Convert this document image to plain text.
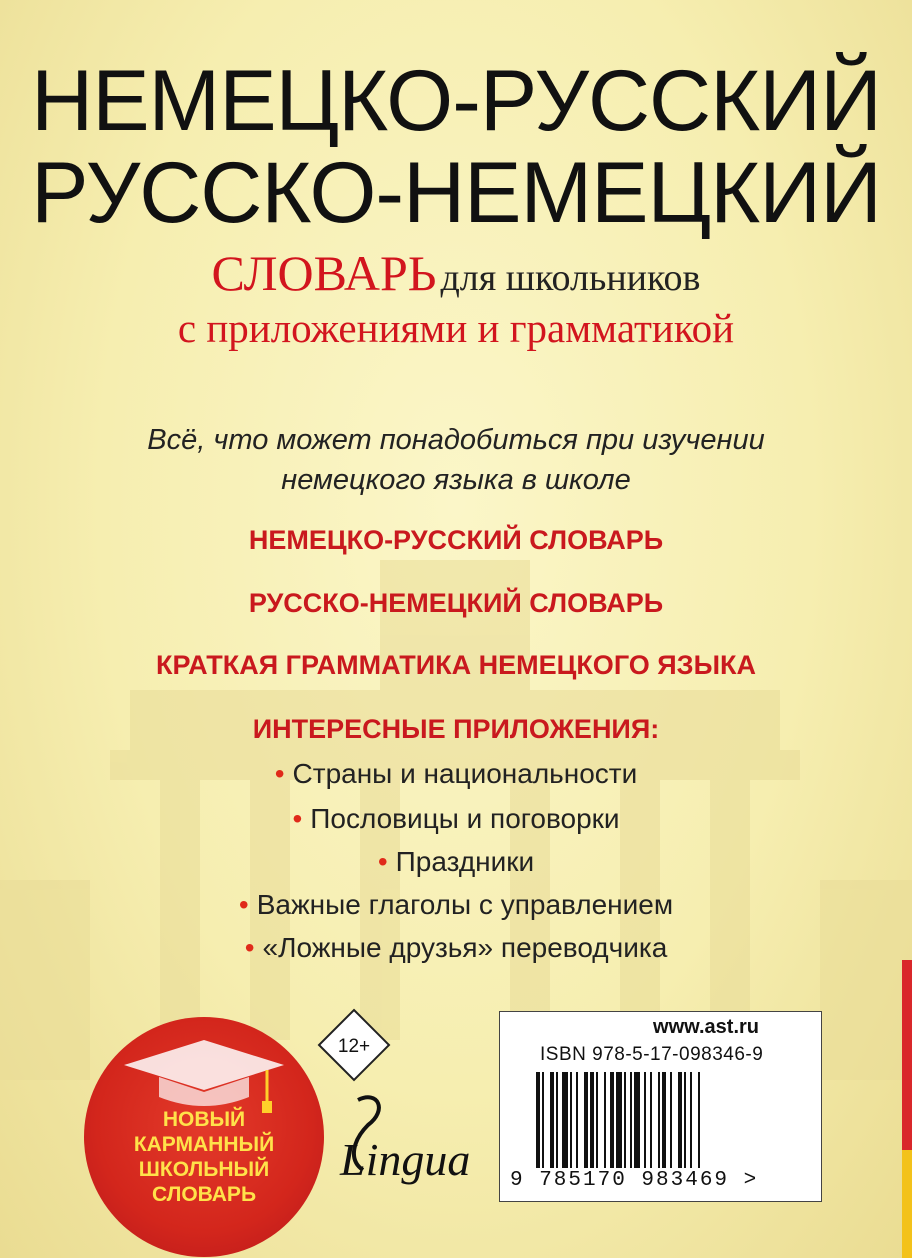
НЕМЕЦКО-РУССКИЙ
РУССКО-НЕМЕЦКИЙ
СЛОВАРЬ для школьников
с приложениями и грамматикой
Всё, что может понадобиться при изучении
немецкого языка в школе
НЕМЕЦКО-РУССКИЙ СЛОВАРЬ
РУССКО-НЕМЕЦКИЙ СЛОВАРЬ
КРАТКАЯ ГРАММАТИКА НЕМЕЦКОГО ЯЗЫКА
ИНТЕРЕСНЫЕ ПРИЛОЖЕНИЯ:
• Страны и национальности
• Пословицы и поговорки
• Праздники
• Важные глаголы с управлением
• «Ложные друзья» переводчика
12+
Lingua
НОВЫЙ
КАРМАННЫЙ
ШКОЛЬНЫЙ
СЛОВАРЬ
www.ast.ru
ISBN 978-5-17-098346-9
9 785170 983469 >
